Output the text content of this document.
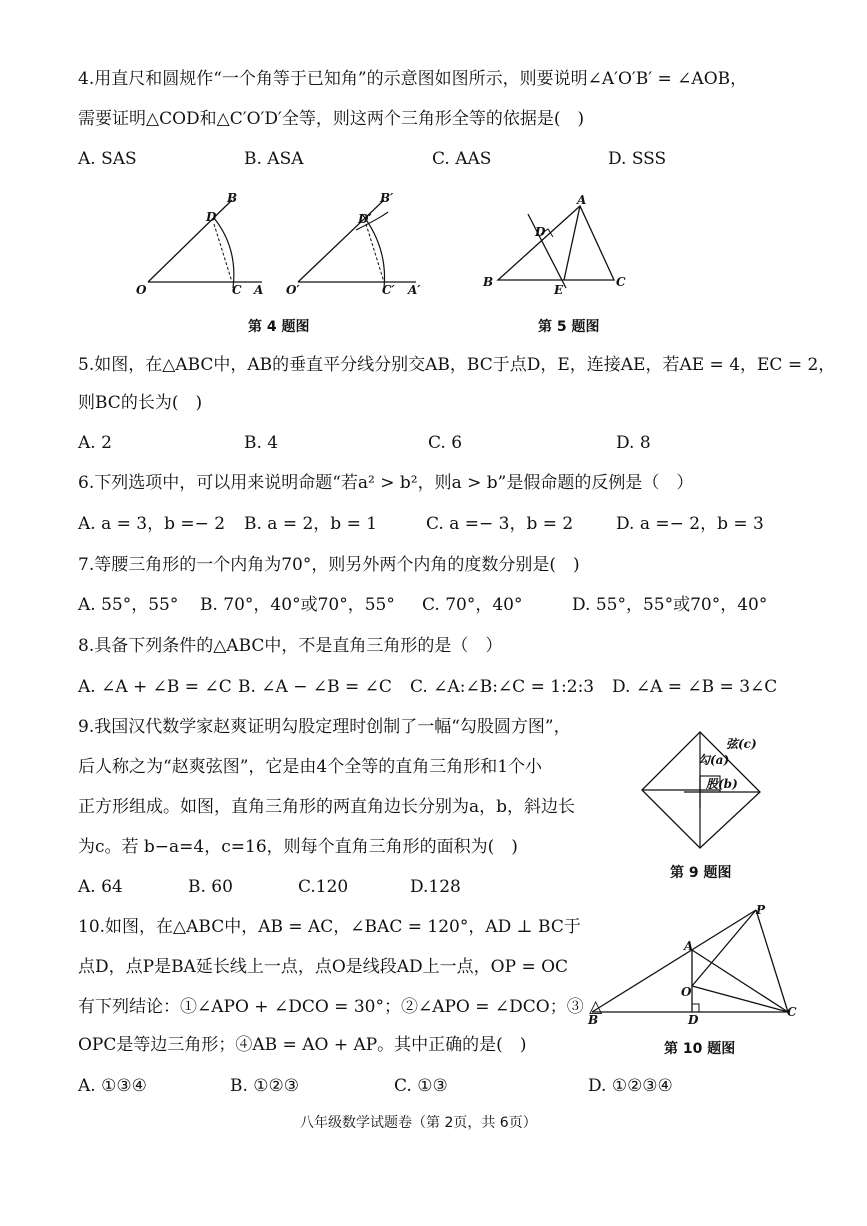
4.用直尺和圆规作“一个角等于已知角”的示意图如图所示，则要说明∠A′O′B′ = ∠AOB，
需要证明△COD和△C′O′D′全等，则这两个三角形全等的依据是(　)
A. SAS	B. ASA	C. AAS	D. SSS
B
D
O	C A
B′
D′
O′	C′ A′
A
D
B
E
C
第 4 题图	第 5 题图
5.如图，在△ABC中，AB的垂直平分线分别交AB，BC于点D，E，连接AE，若AE = 4，EC = 2，
则BC的长为(　)
A. 2	B. 4	C. 6	D. 8
6.下列选项中，可以用来说明命题“若a² > b²，则a > b”是假命题的反例是（　）
A. a = 3，b =− 2 B. a = 2，b = 1	C. a =− 3，b = 2	D. a =− 2，b = 3
7.等腰三角形的一个内角为70°，则另外两个内角的度数分别是(　)
A. 55°，55° B. 70°，40°或70°，55° C. 70°，40°	D. 55°，55°或70°，40°
8.具备下列条件的△ABC中，不是直角三角形的是（　）
A. ∠A + ∠B = ∠C B. ∠A − ∠B = ∠C C. ∠A:∠B:∠C = 1:2:3 D. ∠A = ∠B = 3∠C
9.我国汉代数学家赵爽证明勾股定理时创制了一幅“勾股圆方图”，
后人称之为“赵爽弦图”，它是由4个全等的直角三角形和1个小
正方形组成。如图，直角三角形的两直角边长分别为a，b，斜边长
为c。若 b−a=4，c=16，则每个直角三角形的面积为(　)
A. 64	B. 60	C.120	D.128
弦(c)
勾(a)
股(b)
第 9 题图
10.如图，在△ABC中，AB = AC，∠BAC = 120°，AD ⊥ BC于
点D，点P是BA延长线上一点，点O是线段AD上一点，OP = OC
有下列结论：①∠APO + ∠DCO = 30°；②∠APO = ∠DCO；③ △
OPC是等边三角形；④AB = AO + AP。其中正确的是(　)
A. ①③④	B. ①②③	C. ①③	D. ①②③④
P
A
O
B	D
C
第 10 题图
八年级数学试题卷（第 2页，共 6页）
